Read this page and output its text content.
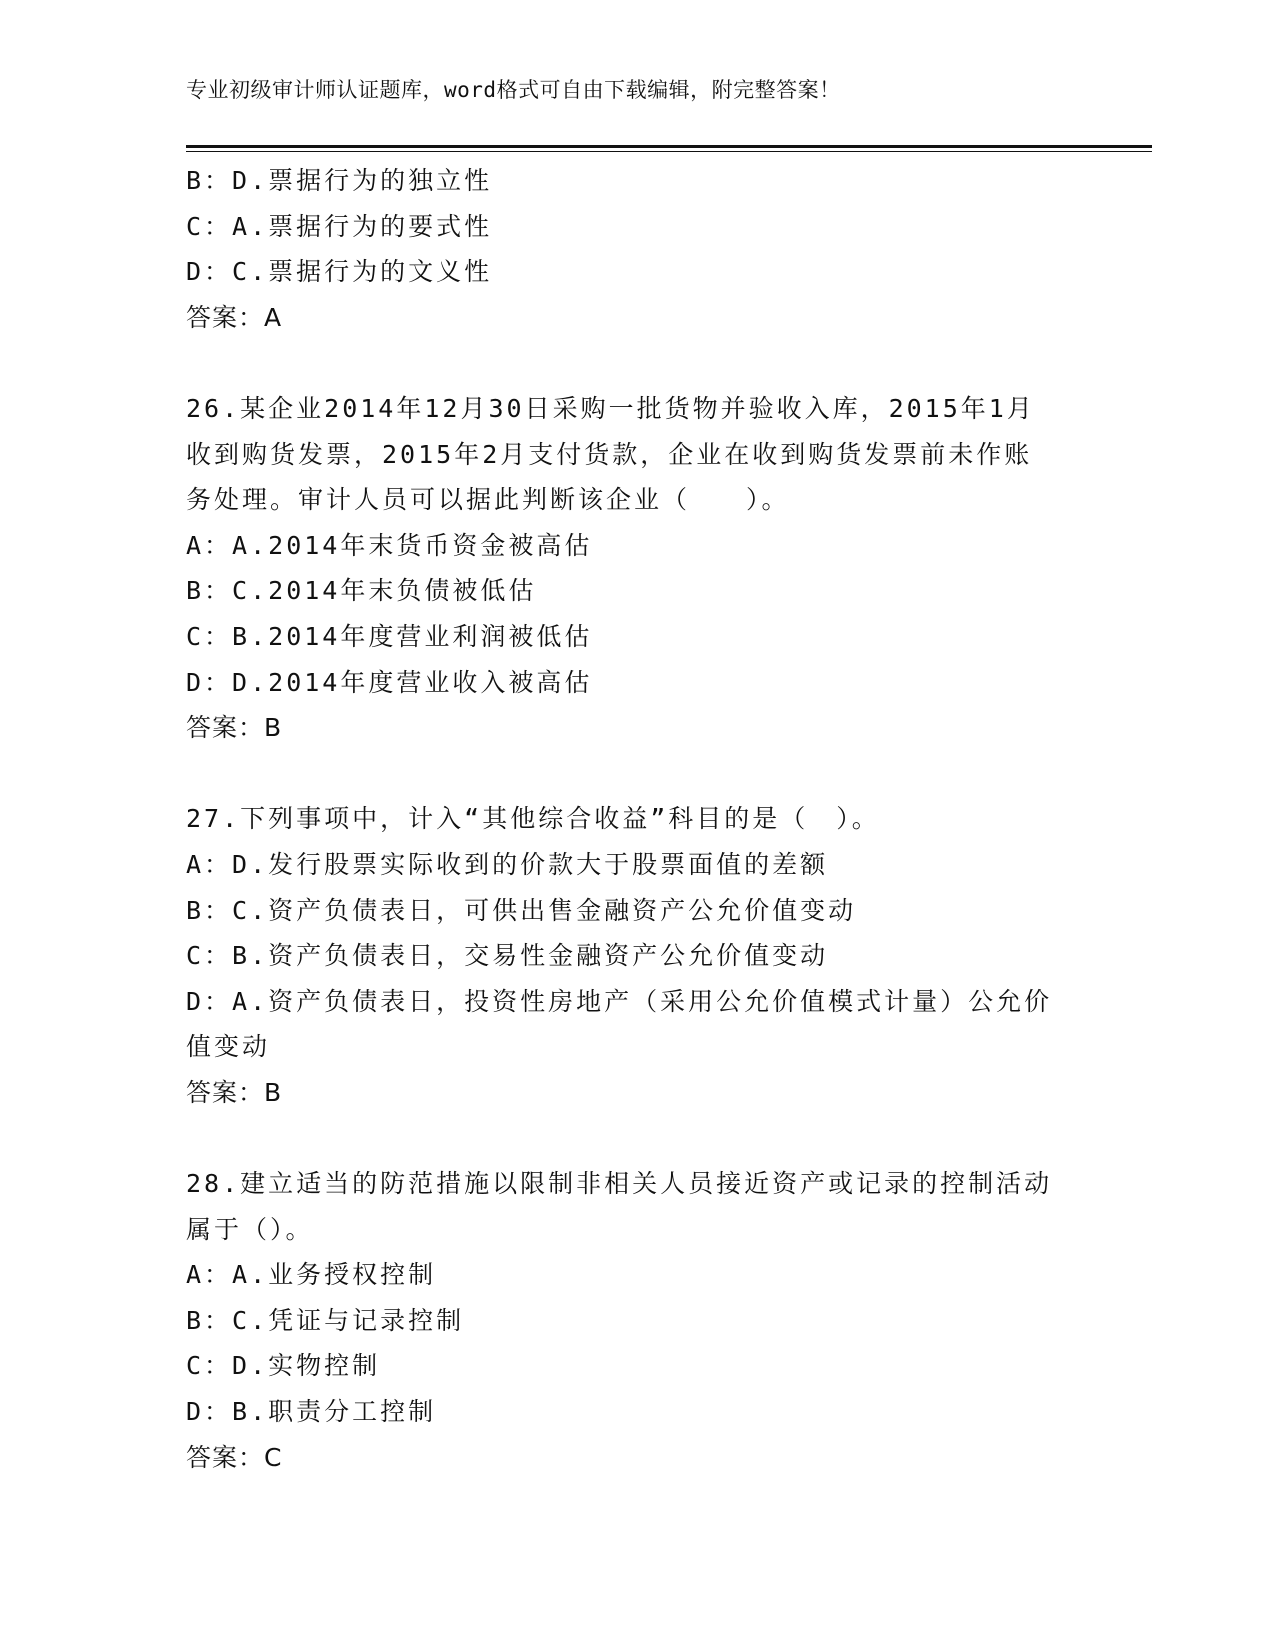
专业初级审计师认证题库，word格式可自由下载编辑，附完整答案！
B：D.票据行为的独立性
C：A.票据行为的要式性
D：C.票据行为的文义性
答案：A
26.某企业2014年12月30日采购一批货物并验收入库，2015年1月
收到购货发票，2015年2月支付货款，企业在收到购货发票前未作账
务处理。审计人员可以据此判断该企业（　　）。
A：A.2014年末货币资金被高估
B：C.2014年末负债被低估
C：B.2014年度营业利润被低估
D：D.2014年度营业收入被高估
答案：B
27.下列事项中，计入“其他综合收益”科目的是（　）。
A：D.发行股票实际收到的价款大于股票面值的差额
B：C.资产负债表日，可供出售金融资产公允价值变动
C：B.资产负债表日，交易性金融资产公允价值变动
D：A.资产负债表日，投资性房地产（采用公允价值模式计量）公允价
值变动
答案：B
28.建立适当的防范措施以限制非相关人员接近资产或记录的控制活动
属于（）。
A：A.业务授权控制
B：C.凭证与记录控制
C：D.实物控制
D：B.职责分工控制
答案：C
